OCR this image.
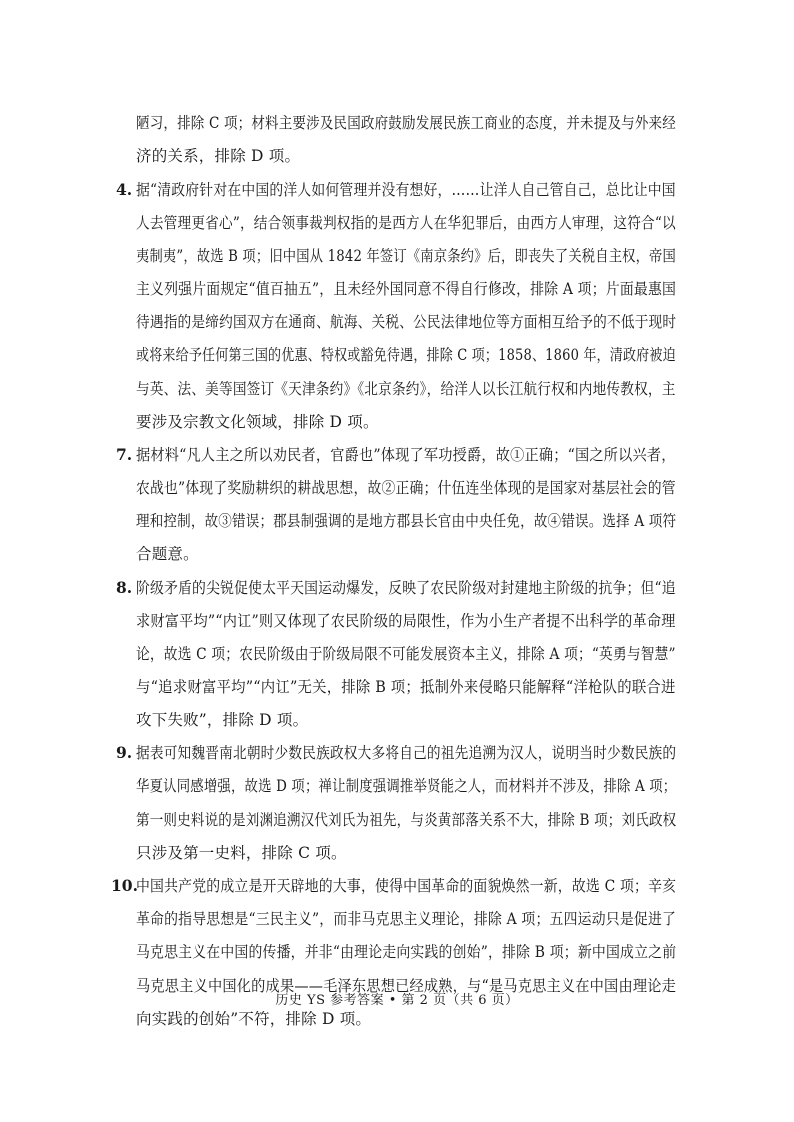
陋习，排除 C 项；材料主要涉及民国政府鼓励发展民族工商业的态度，并未提及与外来经
济的关系，排除 D 项。
4. 据“清政府针对在中国的洋人如何管理并没有想好，……让洋人自己管自己，总比让中国
人去管理更省心”，结合领事裁判权指的是西方人在华犯罪后，由西方人审理，这符合“以
夷制夷”，故选 B 项；旧中国从 1842 年签订《南京条约》后，即丧失了关税自主权，帝国
主义列强片面规定“值百抽五”，且未经外国同意不得自行修改，排除 A 项；片面最惠国
待遇指的是缔约国双方在通商、航海、关税、公民法律地位等方面相互给予的不低于现时
或将来给予任何第三国的优惠、特权或豁免待遇，排除 C 项；1858、1860 年，清政府被迫
与英、法、美等国签订《天津条约》《北京条约》，给洋人以长江航行权和内地传教权，主
要涉及宗教文化领域，排除 D 项。
7. 据材料“凡人主之所以劝民者，官爵也”体现了军功授爵，故①正确；“国之所以兴者，
农战也”体现了奖励耕织的耕战思想，故②正确；什伍连坐体现的是国家对基层社会的管
理和控制，故③错误；郡县制强调的是地方郡县长官由中央任免，故④错误。选择 A 项符
合题意。
8. 阶级矛盾的尖锐促使太平天国运动爆发，反映了农民阶级对封建地主阶级的抗争；但“追
求财富平均”“内讧”则又体现了农民阶级的局限性，作为小生产者提不出科学的革命理
论，故选 C 项；农民阶级由于阶级局限不可能发展资本主义，排除 A 项；“英勇与智慧”
与“追求财富平均”“内讧”无关，排除 B 项；抵制外来侵略只能解释“洋枪队的联合进
攻下失败”，排除 D 项。
9. 据表可知魏晋南北朝时少数民族政权大多将自己的祖先追溯为汉人，说明当时少数民族的
华夏认同感增强，故选 D 项；禅让制度强调推举贤能之人，而材料并不涉及，排除 A 项；
第一则史料说的是刘渊追溯汉代刘氏为祖先，与炎黄部落关系不大，排除 B 项；刘氏政权
只涉及第一史料，排除 C 项。
10.
中国共产党的成立是开天辟地的大事，使得中国革命的面貌焕然一新，故选 C 项；辛亥
革命的指导思想是“三民主义”，而非马克思主义理论，排除 A 项；五四运动只是促进了
马克思主义在中国的传播，并非“由理论走向实践的创始”，排除 B 项；新中国成立之前
马克思主义中国化的成果——毛泽东思想已经成熟，与“是马克思主义在中国由理论走
向实践的创始”不符，排除 D 项。
历史 YS 参考答案 • 第 2 页（共 6 页）
